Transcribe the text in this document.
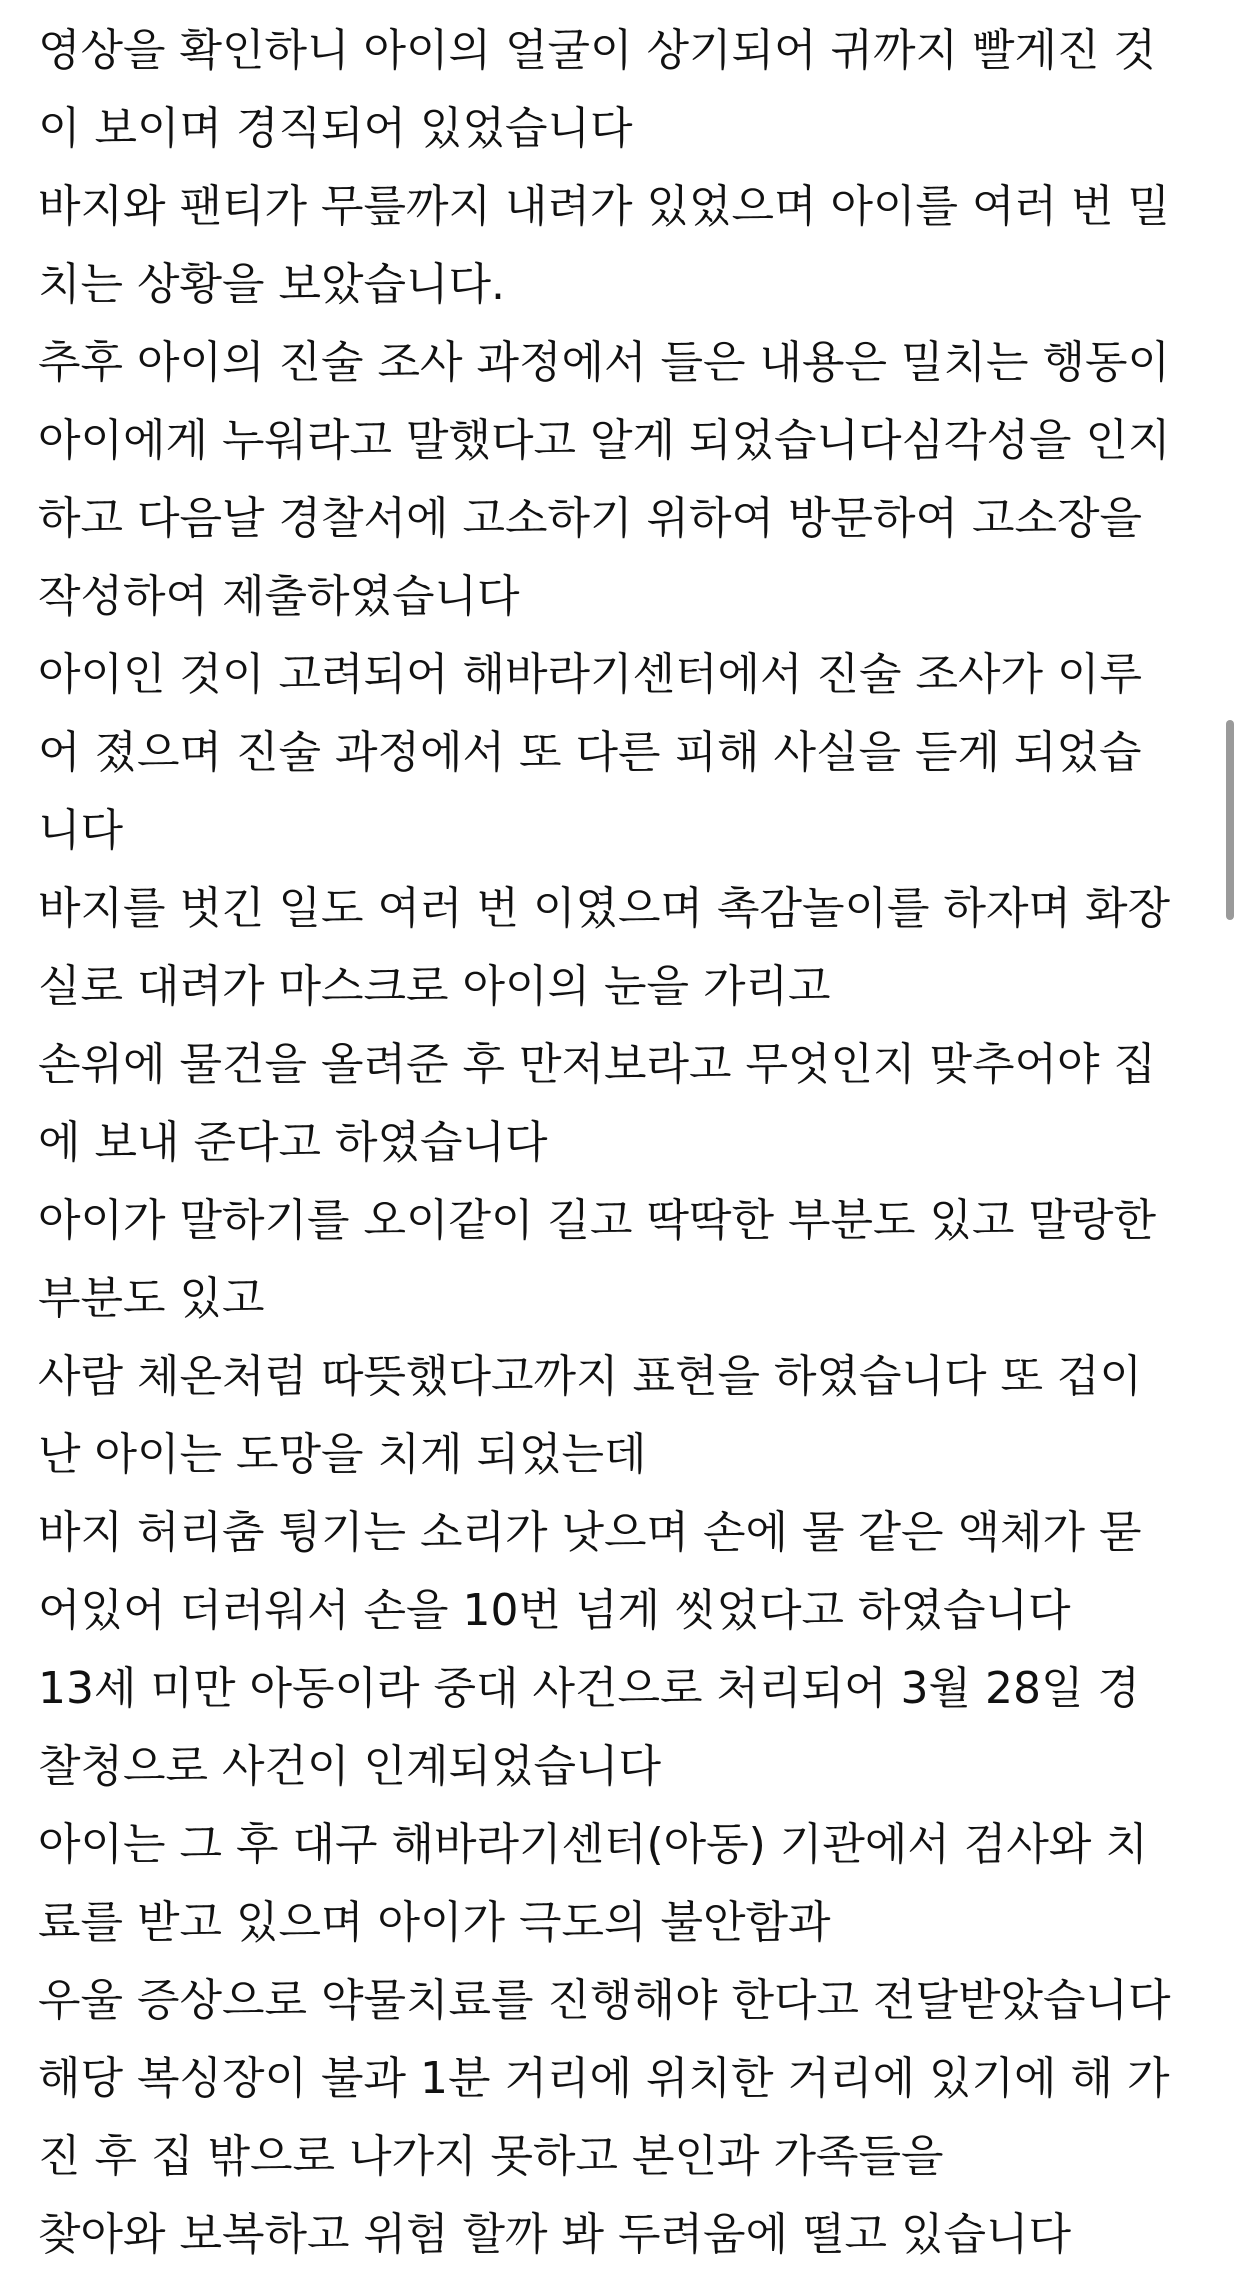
영상을 확인하니 아이의 얼굴이 상기되어 귀까지 빨게진 것
이 보이며 경직되어 있었습니다
바지와 팬티가 무릎까지 내려가 있었으며 아이를 여러 번 밀
치는 상황을 보았습니다.
추후 아이의 진술 조사 과정에서 들은 내용은 밀치는 행동이
아이에게 누워라고 말했다고 알게 되었습니다심각성을 인지
하고 다음날 경찰서에 고소하기 위하여 방문하여 고소장을
작성하여 제출하였습니다
아이인 것이 고려되어 해바라기센터에서 진술 조사가 이루
어 졌으며 진술 과정에서 또 다른 피해 사실을 듣게 되었습
니다
바지를 벗긴 일도 여러 번 이였으며 촉감놀이를 하자며 화장
실로 대려가 마스크로 아이의 눈을 가리고
손위에 물건을 올려준 후 만저보라고 무엇인지 맞추어야 집
에 보내 준다고 하였습니다
아이가 말하기를 오이같이 길고 딱딱한 부분도 있고 말랑한
부분도 있고
사람 체온처럼 따뜻했다고까지 표현을 하였습니다 또 겁이
난 아이는 도망을 치게 되었는데
바지 허리춤 튕기는 소리가 낫으며 손에 물 같은 액체가 묻
어있어 더러워서 손을 10번 넘게 씻었다고 하였습니다
13세 미만 아동이라 중대 사건으로 처리되어 3월 28일 경
찰청으로 사건이 인계되었습니다
아이는 그 후 대구 해바라기센터(아동) 기관에서 검사와 치
료를 받고 있으며 아이가 극도의 불안함과
우울 증상으로 약물치료를 진행해야 한다고 전달받았습니다
해당 복싱장이 불과 1분 거리에 위치한 거리에 있기에 해 가
진 후 집 밖으로 나가지 못하고 본인과 가족들을
찾아와 보복하고 위험 할까 봐 두려움에 떨고 있습니다
